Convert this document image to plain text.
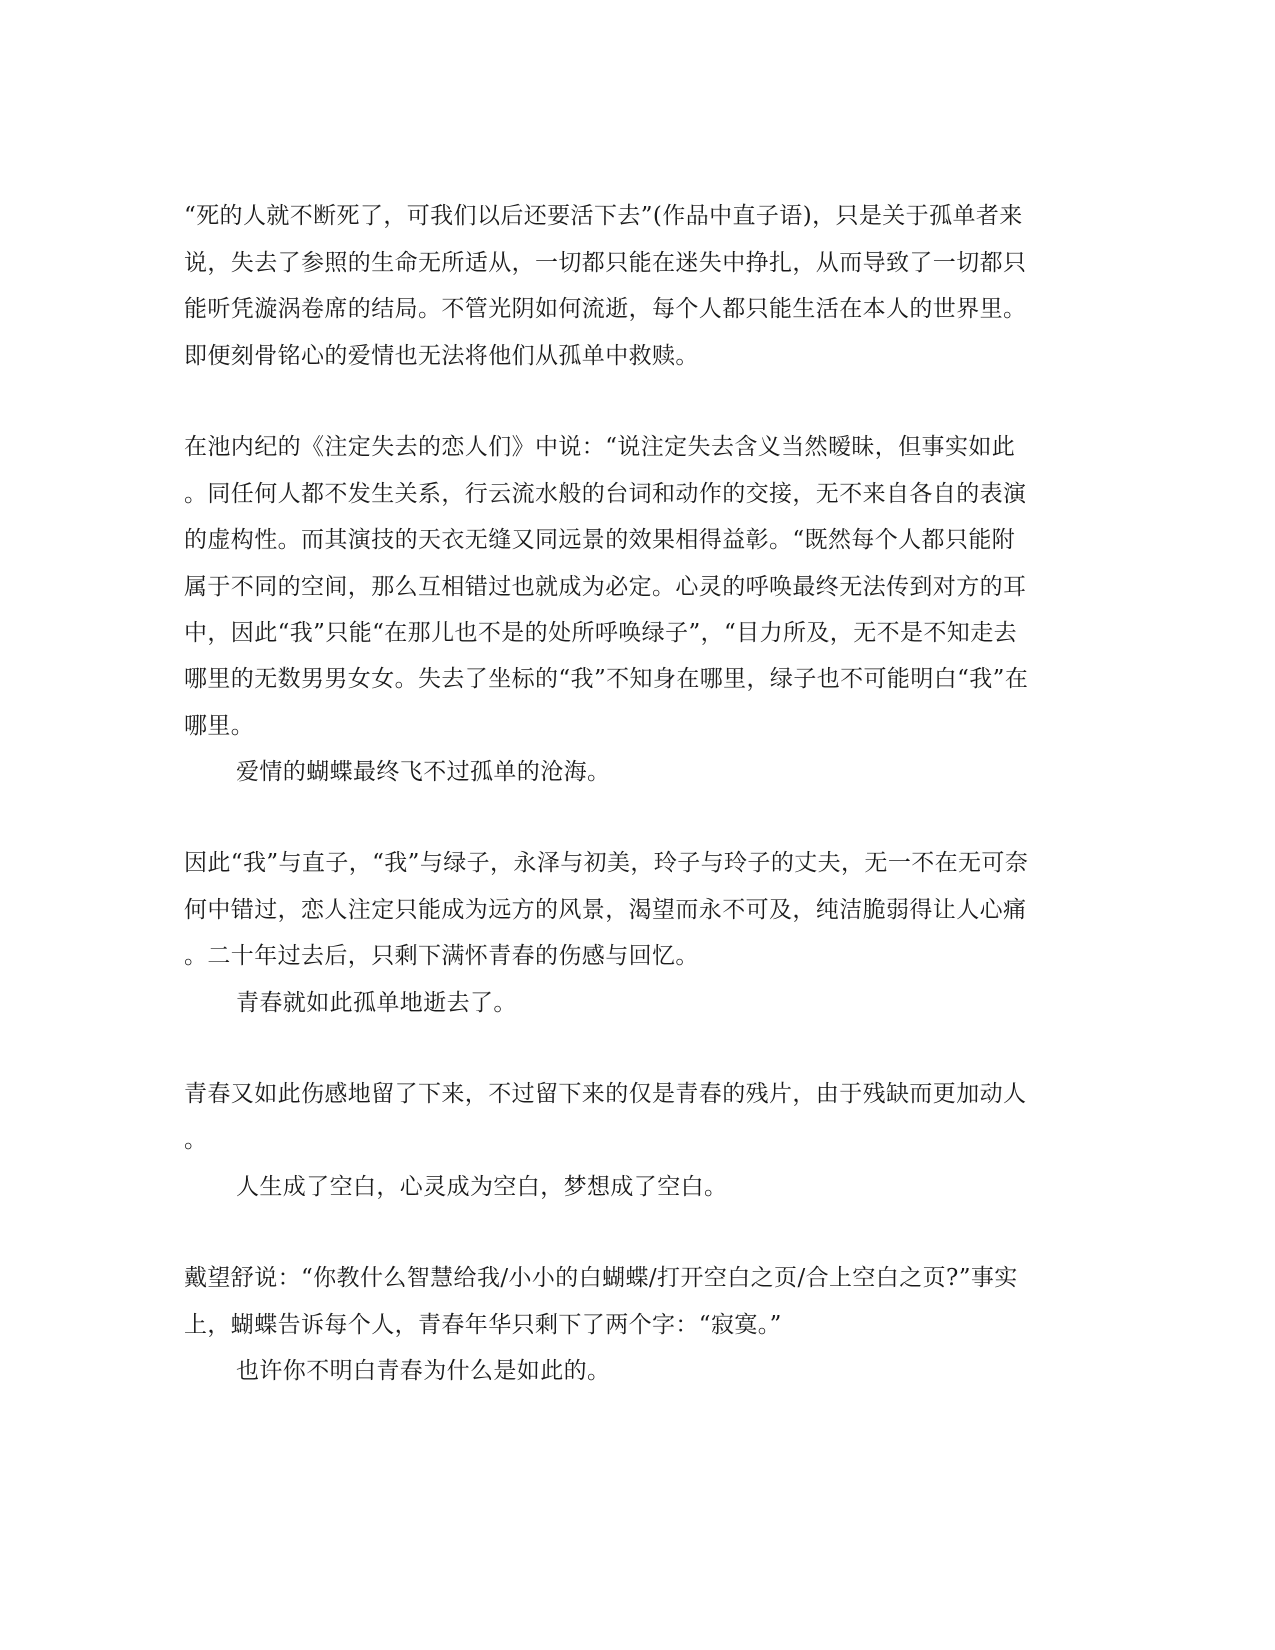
“死的人就不断死了，可我们以后还要活下去”(作品中直子语)，只是关于孤单者来
说，失去了参照的生命无所适从，一切都只能在迷失中挣扎，从而导致了一切都只
能听凭漩涡卷席的结局。不管光阴如何流逝，每个人都只能生活在本人的世界里。
即便刻骨铭心的爱情也无法将他们从孤单中救赎。
在池内纪的《注定失去的恋人们》中说：“说注定失去含义当然暧昧，但事实如此
。同任何人都不发生关系，行云流水般的台词和动作的交接，无不来自各自的表演
的虚构性。而其演技的天衣无缝又同远景的效果相得益彰。“既然每个人都只能附
属于不同的空间，那么互相错过也就成为必定。心灵的呼唤最终无法传到对方的耳
中，因此“我”只能“在那儿也不是的处所呼唤绿子”，“目力所及，无不是不知走去
哪里的无数男男女女。失去了坐标的“我”不知身在哪里，绿子也不可能明白“我”在
哪里。
爱情的蝴蝶最终飞不过孤单的沧海。
因此“我”与直子，“我”与绿子，永泽与初美，玲子与玲子的丈夫，无一不在无可奈
何中错过，恋人注定只能成为远方的风景，渴望而永不可及，纯洁脆弱得让人心痛
。二十年过去后，只剩下满怀青春的伤感与回忆。
青春就如此孤单地逝去了。
青春又如此伤感地留了下来，不过留下来的仅是青春的残片，由于残缺而更加动人
。
人生成了空白，心灵成为空白，梦想成了空白。
戴望舒说：“你教什么智慧给我/小小的白蝴蝶/打开空白之页/合上空白之页?”事实
上，蝴蝶告诉每个人，青春年华只剩下了两个字：“寂寞。”
也许你不明白青春为什么是如此的。
